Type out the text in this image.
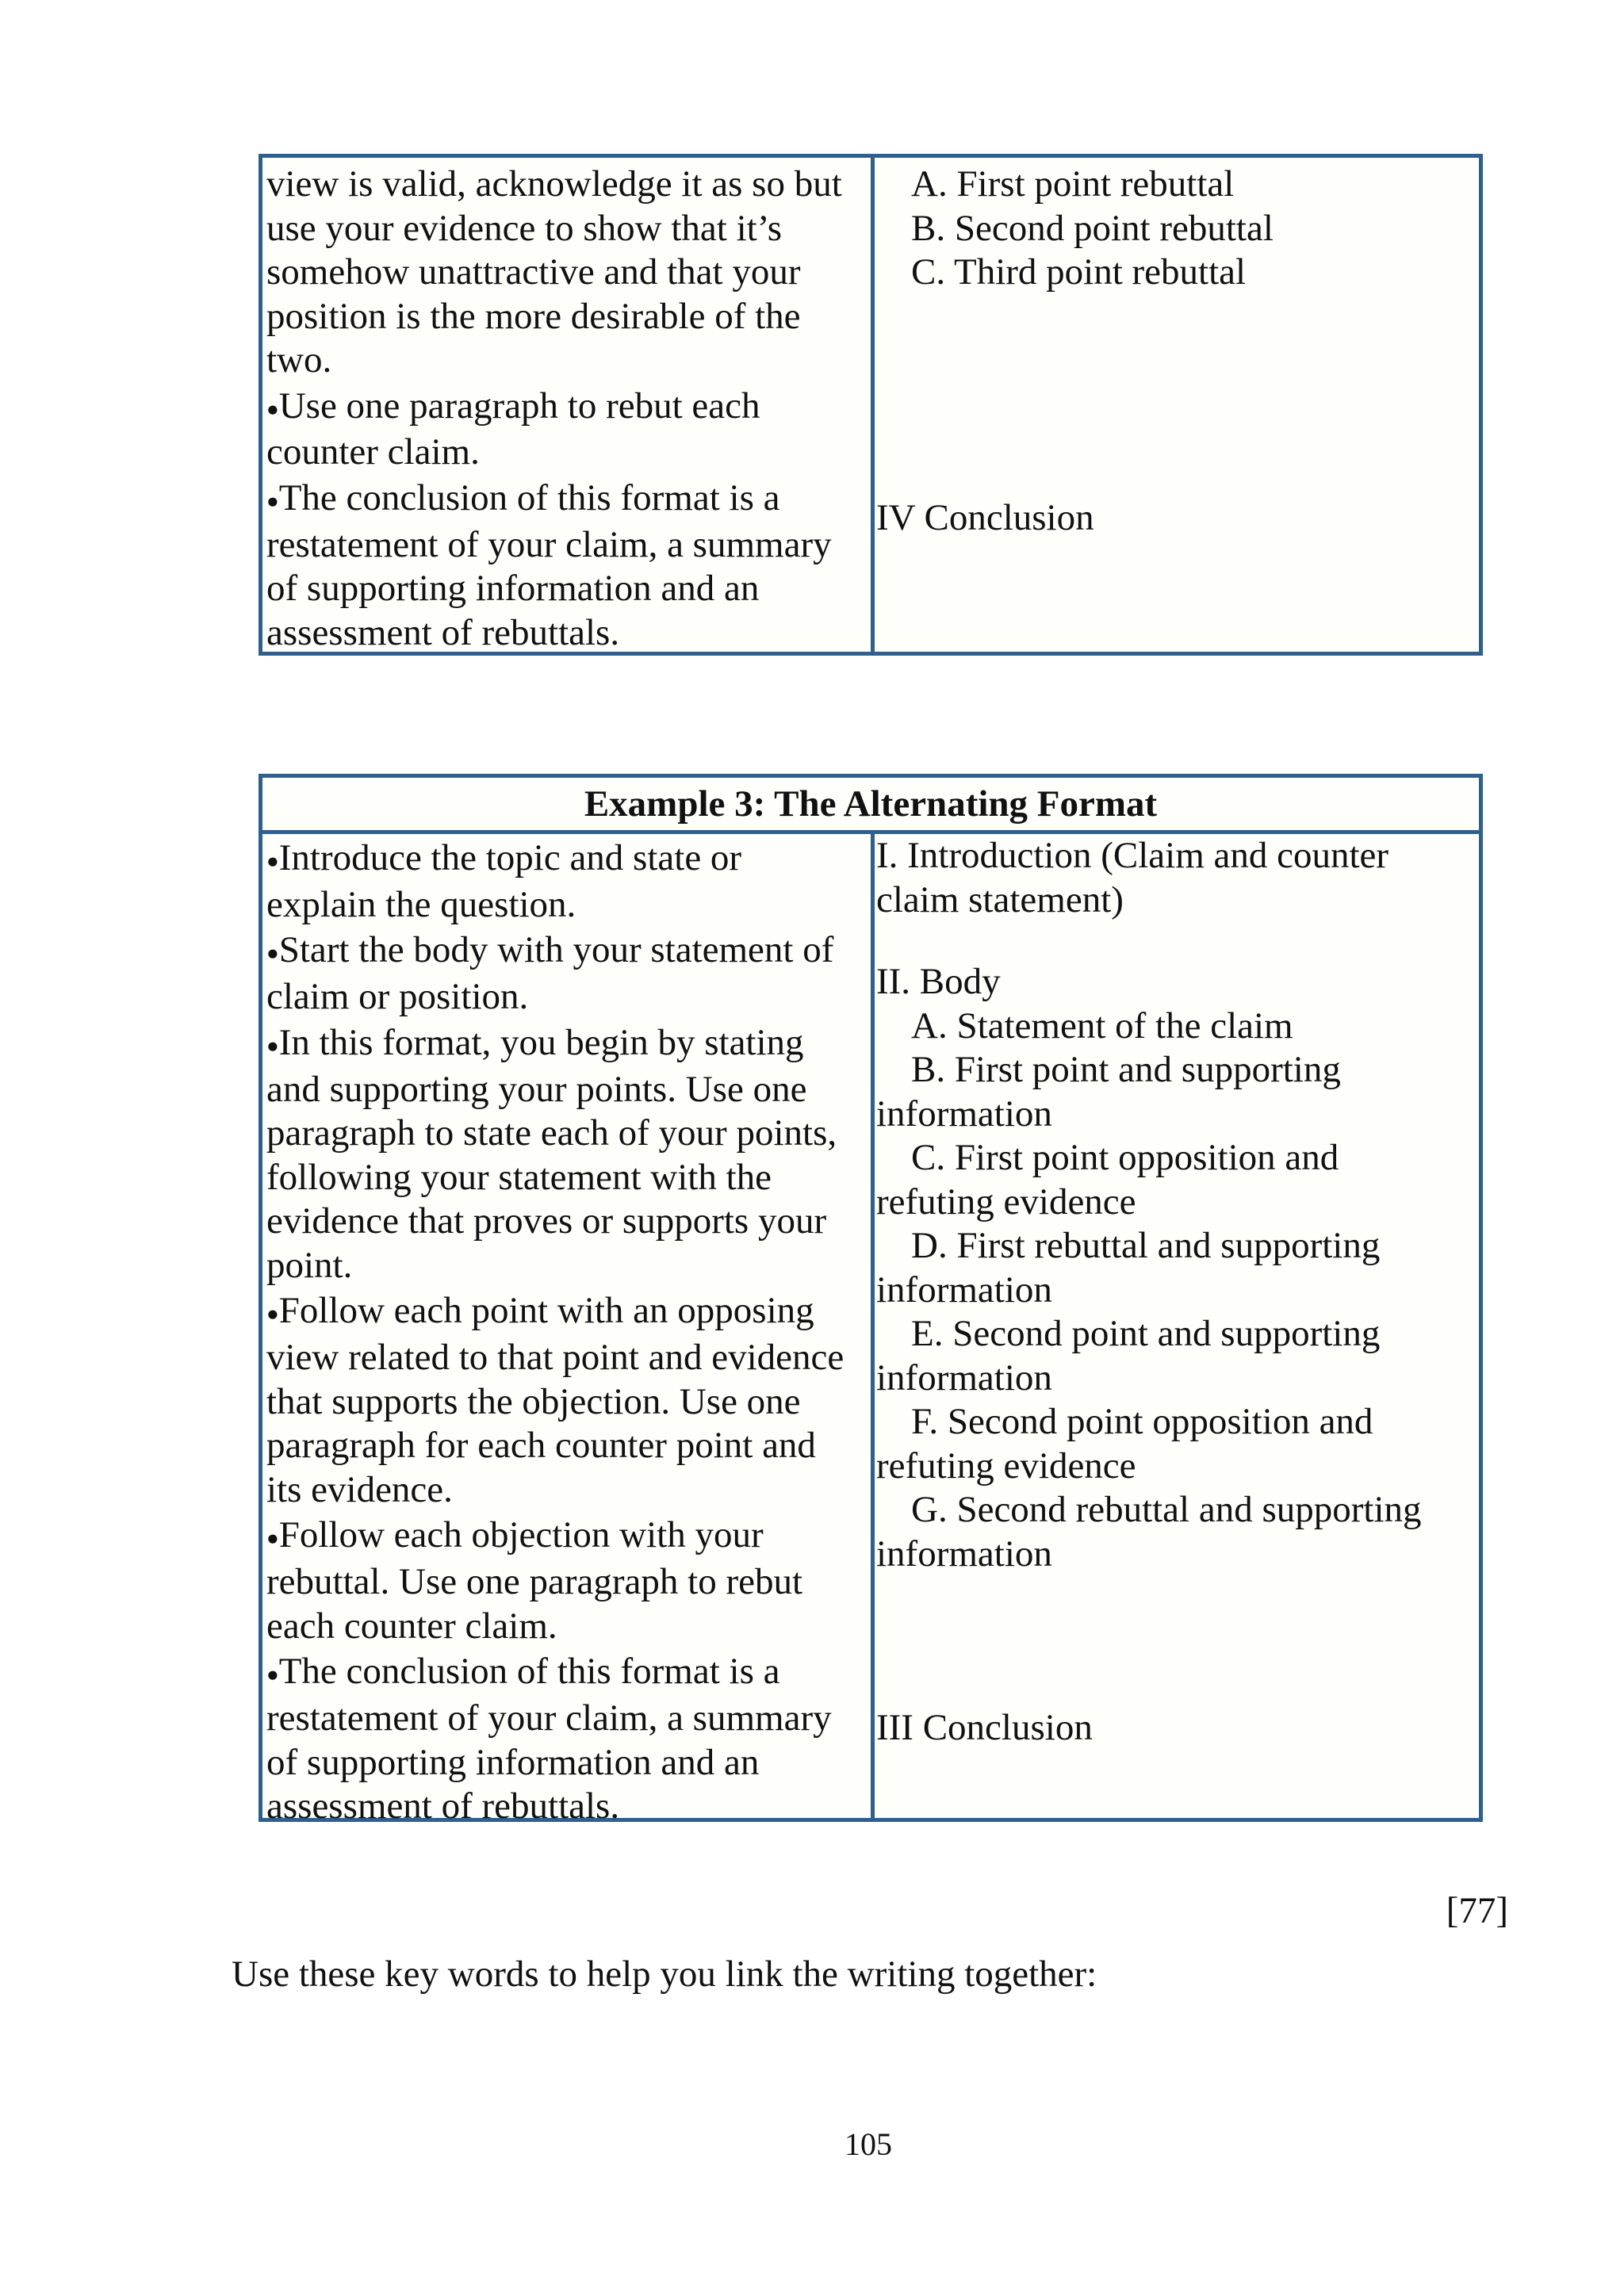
view is valid, acknowledge it as so but
use your evidence to show that it’s
somehow unattractive and that your
position is the more desirable of the
two.
●Use one paragraph to rebut each
counter claim.
●The conclusion of this format is a
restatement of your claim, a summary
of supporting information and an
assessment of rebuttals.
A. First point rebuttal
B. Second point rebuttal
C. Third point rebuttal
IV Conclusion
Example 3: The Alternating Format
●Introduce the topic and state or
explain the question.
●Start the body with your statement of
claim or position.
●In this format, you begin by stating
and supporting your points. Use one
paragraph to state each of your points,
following your statement with the
evidence that proves or supports your
point.
●Follow each point with an opposing
view related to that point and evidence
that supports the objection. Use one
paragraph for each counter point and
its evidence.
●Follow each objection with your
rebuttal. Use one paragraph to rebut
each counter claim.
●The conclusion of this format is a
restatement of your claim, a summary
of supporting information and an
assessment of rebuttals.
I. Introduction (Claim and counter
claim statement)
II. Body
A. Statement of the claim
B. First point and supporting
information
C. First point opposition and
refuting evidence
D. First rebuttal and supporting
information
E. Second point and supporting
information
F. Second point opposition and
refuting evidence
G. Second rebuttal and supporting
information
III Conclusion
[77]
Use these key words to help you link the writing together:
105
